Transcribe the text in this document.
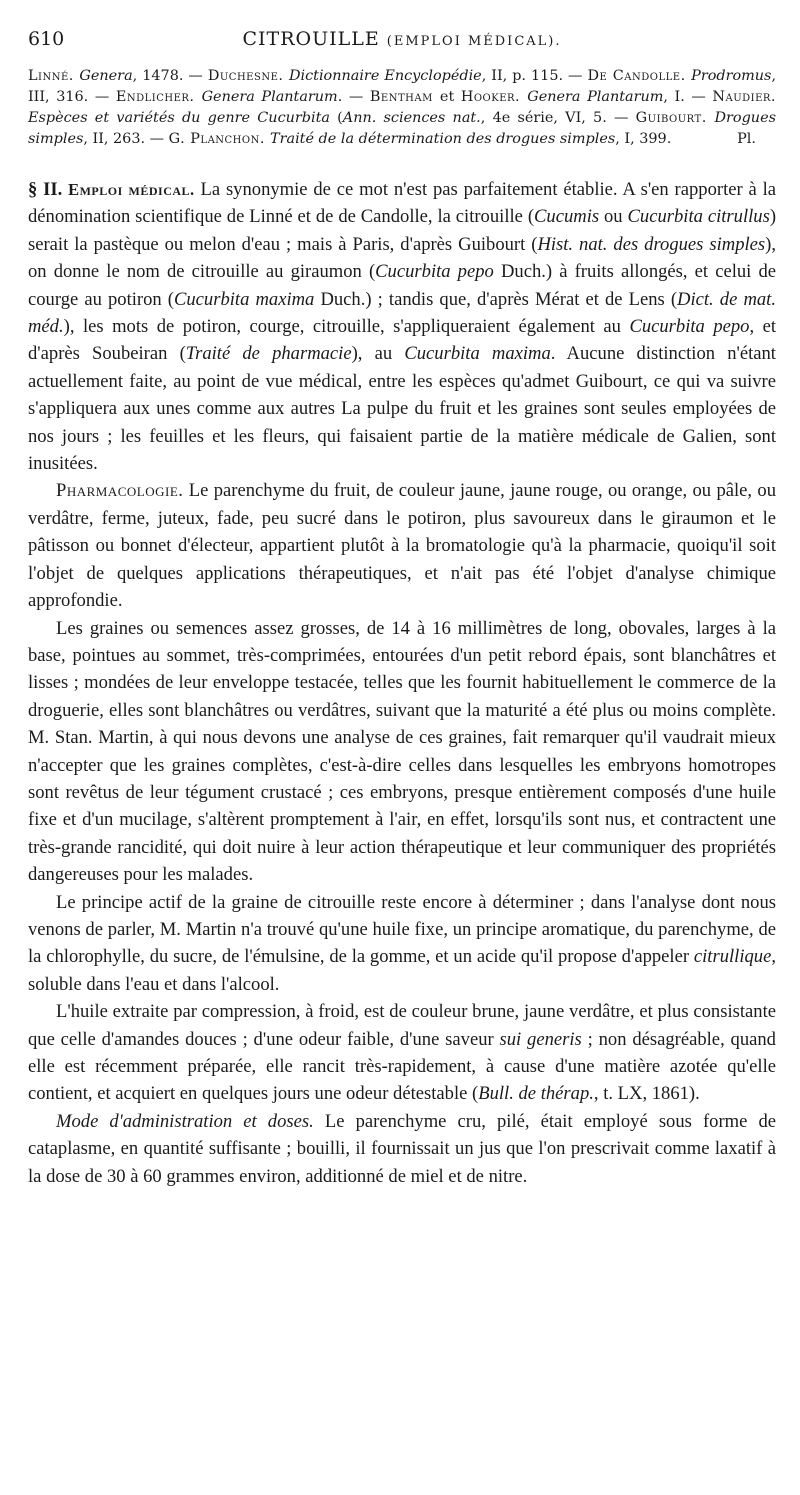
610	CITROUILLE (EMPLOI MÉDICAL).
Linné. Genera, 1478. — Duchesne. Dictionnaire Encyclopédie, II, p. 115. — De Candolle. Prodromus, III, 316. — Endlicher. Genera Plantarum. — Bentham et Hooker. Genera Plantarum, I. — Naudier. Espèces et variétés du genre Cucurbita (Ann. sciences nat., 4e série, VI, 5. — Guibourt. Drogues simples, II, 263. — G. Planchon. Traité de la détermination des drogues simples, I, 399.	Pl.

§ II. Emploi médical. La synonymie de ce mot n'est pas parfaitement établie. A s'en rapporter à la dénomination scientifique de Linné et de de Candolle, la citrouille (Cucumis ou Cucurbita citrullus) serait la pastèque ou melon d'eau ; mais à Paris, d'après Guibourt (Hist. nat. des drogues simples), on donne le nom de citrouille au giraumon (Cucurbita pepo Duch.) à fruits allongés, et celui de courge au potiron (Cucurbita maxima Duch.) ; tandis que, d'après Mérat et de Lens (Dict. de mat. méd.), les mots de potiron, courge, citrouille, s'appliqueraient également au Cucurbita pepo, et d'après Soubeiran (Traité de pharmacie), au Cucurbita maxima. Aucune distinction n'étant actuellement faite, au point de vue médical, entre les espèces qu'admet Guibourt, ce qui va suivre s'appliquera aux unes comme aux autres La pulpe du fruit et les graines sont seules employées de nos jours ; les feuilles et les fleurs, qui faisaient partie de la matière médicale de Galien, sont inusitées.

Pharmacologie. Le parenchyme du fruit, de couleur jaune, jaune rouge, ou orange, ou pâle, ou verdâtre, ferme, juteux, fade, peu sucré dans le potiron, plus savoureux dans le giraumon et le pâtisson ou bonnet d'électeur, appartient plutôt à la bromatologie qu'à la pharmacie, quoiqu'il soit l'objet de quelques applications thérapeutiques, et n'ait pas été l'objet d'analyse chimique approfondie.

Les graines ou semences assez grosses, de 14 à 16 millimètres de long, obovales, larges à la base, pointues au sommet, très-comprimées, entourées d'un petit rebord épais, sont blanchâtres et lisses ; mondées de leur enveloppe testacée, telles que les fournit habituellement le commerce de la droguerie, elles sont blanchâtres ou verdâtres, suivant que la maturité a été plus ou moins complète. M. Stan. Martin, à qui nous devons une analyse de ces graines, fait remarquer qu'il vaudrait mieux n'accepter que les graines complètes, c'est-à-dire celles dans lesquelles les embryons homotropes sont revêtus de leur tégument crustacé ; ces embryons, presque entièrement composés d'une huile fixe et d'un mucilage, s'altèrent promptement à l'air, en effet, lorsqu'ils sont nus, et contractent une très-grande rancidité, qui doit nuire à leur action thérapeutique et leur communiquer des propriétés dangereuses pour les malades.

Le principe actif de la graine de citrouille reste encore à déterminer ; dans l'analyse dont nous venons de parler, M. Martin n'a trouvé qu'une huile fixe, un principe aromatique, du parenchyme, de la chlorophylle, du sucre, de l'émulsine, de la gomme, et un acide qu'il propose d'appeler citrullique, soluble dans l'eau et dans l'alcool.

L'huile extraite par compression, à froid, est de couleur brune, jaune verdâtre, et plus consistante que celle d'amandes douces ; d'une odeur faible, d'une saveur sui generis ; non désagréable, quand elle est récemment préparée, elle rancit très-rapidement, à cause d'une matière azotée qu'elle contient, et acquiert en quelques jours une odeur détestable (Bull. de thérap., t. LX, 1861).

Mode d'administration et doses. Le parenchyme cru, pilé, était employé sous forme de cataplasme, en quantité suffisante ; bouilli, il fournissait un jus que l'on prescrivait comme laxatif à la dose de 30 à 60 grammes environ, additionné de miel et de nitre.
